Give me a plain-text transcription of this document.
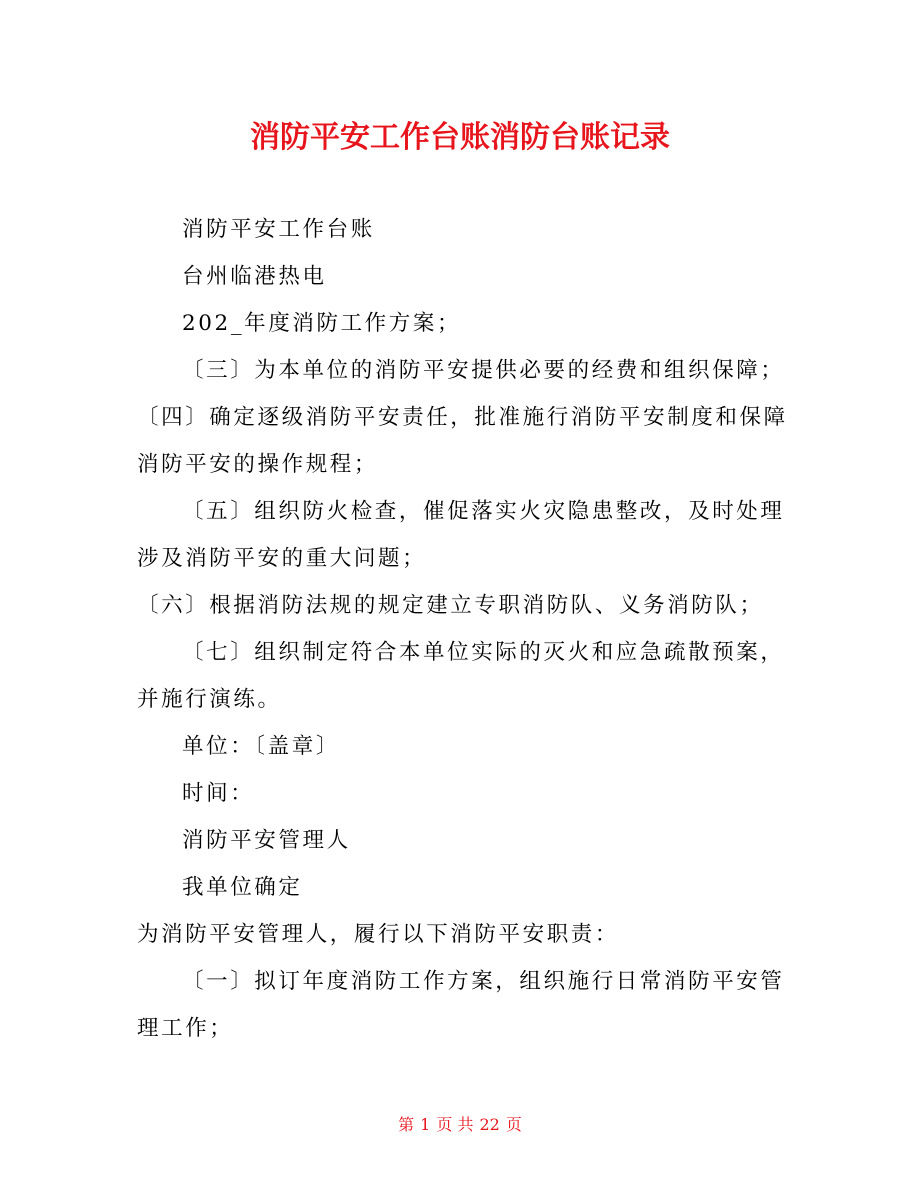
消防平安工作台账消防台账记录
消防平安工作台账
台州临港热电
202_年度消防工作方案；
〔三〕为本单位的消防平安提供必要的经费和组织保障；
〔四〕确定逐级消防平安责任，批准施行消防平安制度和保障
消防平安的操作规程；
〔五〕组织防火检查，催促落实火灾隐患整改，及时处理
涉及消防平安的重大问题；
〔六〕根据消防法规的规定建立专职消防队、义务消防队；
〔七〕组织制定符合本单位实际的灭火和应急疏散预案，
并施行演练。
单位：〔盖章〕
时间：
消防平安管理人
我单位确定
为消防平安管理人，履行以下消防平安职责：
〔一〕拟订年度消防工作方案，组织施行日常消防平安管
理工作；
第 1 页 共 22 页
